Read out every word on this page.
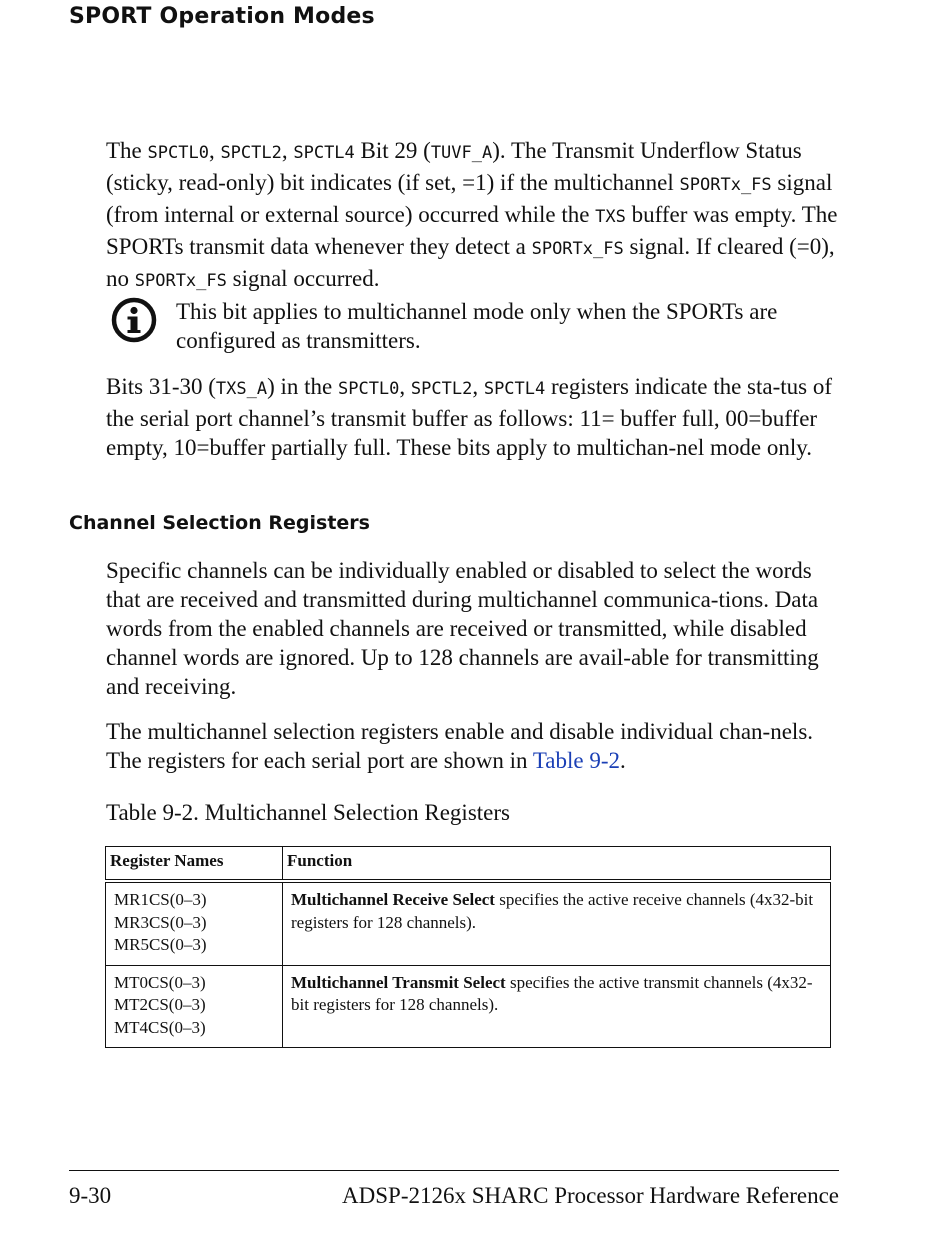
SPORT Operation Modes
The SPCTL0, SPCTL2, SPCTL4 Bit 29 (TUVF_A). The Transmit Underflow Status (sticky, read-only) bit indicates (if set, =1) if the multichannel SPORTx_FS signal (from internal or external source) occurred while the TXS buffer was empty. The SPORTs transmit data whenever they detect a SPORTx_FS signal. If cleared (=0), no SPORTx_FS signal occurred.
This bit applies to multichannel mode only when the SPORTs are configured as transmitters.
Bits 31-30 (TXS_A) in the SPCTL0, SPCTL2, SPCTL4 registers indicate the sta-tus of the serial port channel’s transmit buffer as follows: 11= buffer full, 00=buffer empty, 10=buffer partially full. These bits apply to multichan-nel mode only.
Channel Selection Registers
Specific channels can be individually enabled or disabled to select the words that are received and transmitted during multichannel communica-tions. Data words from the enabled channels are received or transmitted, while disabled channel words are ignored. Up to 128 channels are avail-able for transmitting and receiving.
The multichannel selection registers enable and disable individual chan-nels. The registers for each serial port are shown in Table 9-2.
Table 9-2. Multichannel Selection Registers
Register Names	Function

MR1CS(0–3)
MR3CS(0–3)
MR5CS(0–3)	Multichannel Receive Select specifies the active receive channels (4x32-bit registers for 128 channels).

MT0CS(0–3)
MT2CS(0–3)
MT4CS(0–3)	Multichannel Transmit Select specifies the active transmit channels (4x32-bit registers for 128 channels).
9-30	ADSP-2126x SHARC Processor Hardware Reference
